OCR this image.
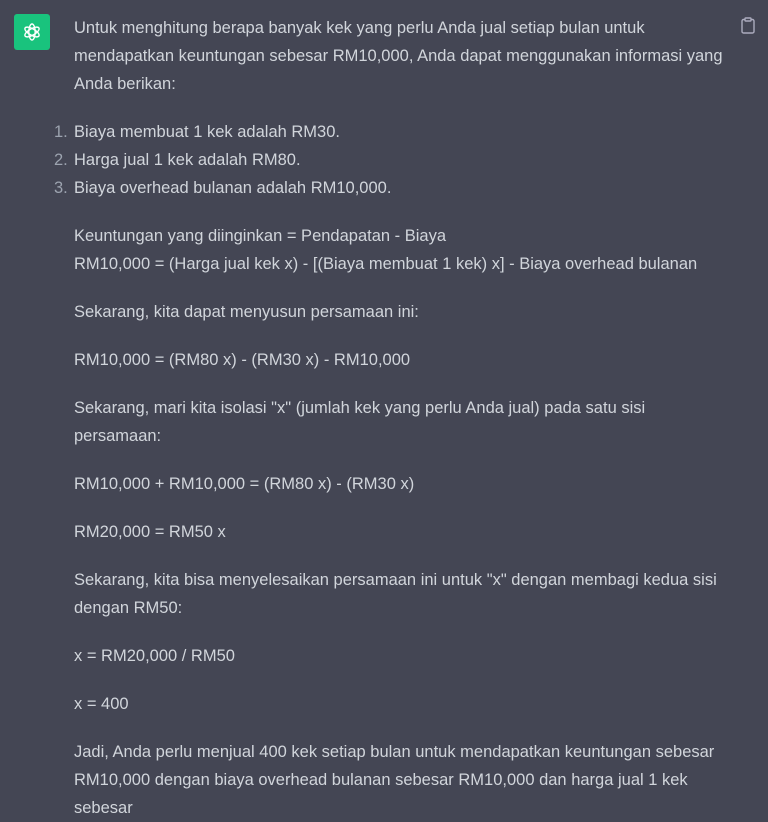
Untuk menghitung berapa banyak kek yang perlu Anda jual setiap bulan untuk mendapatkan keuntungan sebesar RM10,000, Anda dapat menggunakan informasi yang Anda berikan:

1. Biaya membuat 1 kek adalah RM30.
2. Harga jual 1 kek adalah RM80.
3. Biaya overhead bulanan adalah RM10,000.

Keuntungan yang diinginkan = Pendapatan - Biaya

RM10,000 = (Harga jual kek x) - [(Biaya membuat 1 kek) x] - Biaya overhead bulanan

Sekarang, kita dapat menyusun persamaan ini:

RM10,000 = (RM80 x) - (RM30 x) - RM10,000

Sekarang, mari kita isolasi "x" (jumlah kek yang perlu Anda jual) pada satu sisi persamaan:

RM10,000 + RM10,000 = (RM80 x) - (RM30 x)

RM20,000 = RM50 x

Sekarang, kita bisa menyelesaikan persamaan ini untuk "x" dengan membagi kedua sisi dengan RM50:

x = RM20,000 / RM50

x = 400

Jadi, Anda perlu menjual 400 kek setiap bulan untuk mendapatkan keuntungan sebesar RM10,000 dengan biaya overhead bulanan sebesar RM10,000 dan harga jual 1 kek sebesar
